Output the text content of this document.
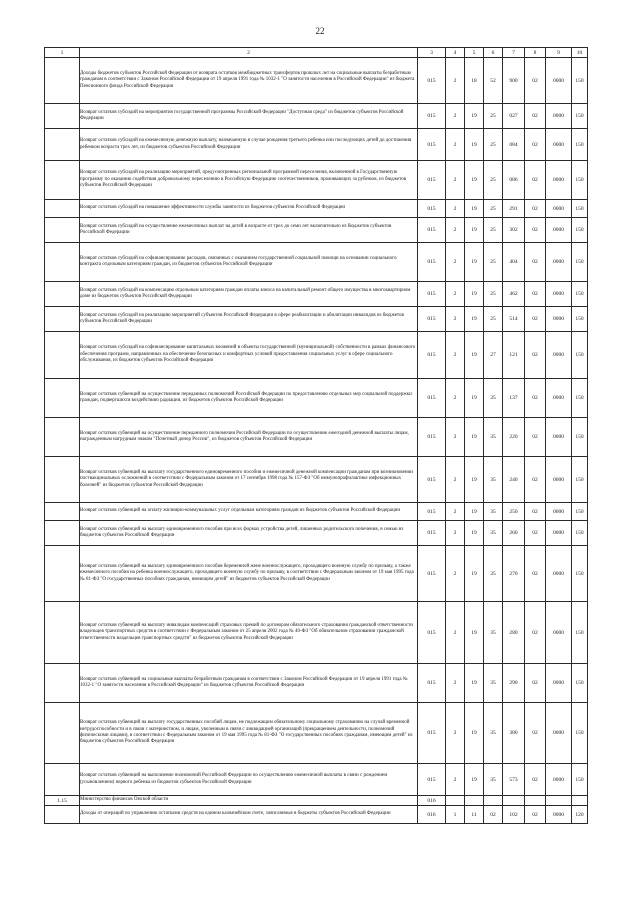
22
1	2	3	4	5	6	7	8	9	10
	Доходы бюджетов субъектов Российской Федерации от возврата остатков межбюджетных трансфертов прошлых лет на социальные выплаты безработным гражданам в соответствии с Законом Российской Федерации от 19 апреля 1991 года № 1032-1 "О занятости населения в Российской Федерации" из бюджета Пенсионного фонда Российской Федерации	015	2	18	52	900	02	0000	150
	Возврат остатков субсидий на мероприятия государственной программы Российской Федерации "Доступная среда" из бюджетов субъектов Российской Федерации	015	2	19	25	027	02	0000	150
	Возврат остатков субсидий на ежемесячную денежную выплату, назначаемую в случае рождения третьего ребенка или последующих детей до достижения ребенком возраста трех лет, из бюджетов субъектов Российской Федерации	015	2	19	25	084	02	0000	150
	Возврат остатков субсидий на реализацию мероприятий, предусмотренных региональной программой переселения, включенной в Государственную программу по оказанию содействия добровольному переселению в Российскую Федерацию соотечественников, проживающих за рубежом, из бюджетов субъектов Российской Федерации	015	2	19	25	086	02	0000	150
	Возврат остатков субсидий на повышение эффективности службы занятости из бюджетов субъектов Российской Федерации	015	2	19	25	291	02	0000	150
	Возврат остатков субсидий на осуществление ежемесячных выплат на детей в возрасте от трех до семи лет включительно из бюджетов субъектов Российской Федерации	015	2	19	25	302	02	0000	150
	Возврат остатков субсидий на софинансирование расходов, связанных с оказанием государственной социальной помощи на основании социального контракта отдельным категориям граждан, из бюджетов субъектов Российской Федерации	015	2	19	25	404	02	0000	150
	Возврат остатков субсидий на компенсацию отдельным категориям граждан оплаты взноса на капитальный ремонт общего имущества в многоквартирном доме из бюджетов субъектов Российской Федерации	015	2	19	25	462	02	0000	150
	Возврат остатков субсидий на реализацию мероприятий субъектов Российской Федерации в сфере реабилитации и абилитации инвалидов из бюджетов субъектов Российской Федерации	015	2	19	25	514	02	0000	150
	Возврат остатков субсидий на софинансирование капитальных вложений в объекты государственной (муниципальной) собственности в рамках финансового обеспечения программ, направленных на обеспечение безопасных и комфортных условий предоставления социальных услуг в сфере социального обслуживания, из бюджетов субъектов Российской Федерации	015	2	19	27	121	02	0000	150
	Возврат остатков субвенций на осуществление переданных полномочий Российской Федерации по предоставлению отдельных мер социальной поддержки граждан, подвергшихся воздействию радиации, из бюджетов субъектов Российской Федерации	015	2	19	35	137	02	0000	150
	Возврат остатков субвенций на осуществление переданного полномочия Российской Федерации по осуществлению ежегодной денежной выплаты лицам, награжденным нагрудным знаком "Почетный донор России", из бюджетов субъектов Российской Федерации	015	2	19	35	220	02	0000	150
	Возврат остатков субвенций на выплату государственного единовременного пособия и ежемесячной денежной компенсации гражданам при возникновении поствакцинальных осложнений в соответствии с Федеральным законом от 17 сентября 1998 года № 157-ФЗ "Об иммунопрофилактике инфекционных болезней" из бюджетов субъектов Российской Федерации	015	2	19	35	240	02	0000	150
	Возврат остатков субвенций на оплату жилищно-коммунальных услуг отдельным категориям граждан из бюджетов субъектов Российской Федерации	015	2	19	35	250	02	0000	150
	Возврат остатков субвенций на выплату единовременного пособия при всех формах устройства детей, лишенных родительского попечения, в семью из бюджетов субъектов Российской Федерации	015	2	19	35	260	02	0000	150
	Возврат остатков субвенций на выплату единовременного пособия беременной жене военнослужащего, проходящего военную службу по призыву, а также ежемесячного пособия на ребенка военнослужащего, проходящего военную службу по призыву, в соответствии с Федеральным законом от 19 мая 1995 года № 81-ФЗ "О государственных пособиях гражданам, имеющим детей" из бюджетов субъектов Российской Федерации	015	2	19	35	270	02	0000	150
	Возврат остатков субвенций на выплату инвалидам компенсаций страховых премий по договорам обязательного страхования гражданской ответственности владельцев транспортных средств в соответствии с Федеральным законом от 25 апреля 2002 года № 40-ФЗ "Об обязательном страховании гражданской ответственности владельцев транспортных средств" из бюджетов субъектов Российской Федерации	015	2	19	35	280	02	0000	150
	Возврат остатков субвенций на социальные выплаты безработным гражданам в соответствии с Законом Российской Федерации от 19 апреля 1991 года № 1032-1 "О занятости населения в Российской Федерации" из бюджетов субъектов Российской Федерации	015	2	19	35	290	02	0000	150
	Возврат остатков субвенций на выплату государственных пособий лицам, не подлежащим обязательному социальному страхованию на случай временной нетрудоспособности и в связи с материнством, и лицам, уволенным в связи с ликвидацией организаций (прекращением деятельности, полномочий физическими лицами), в соответствии с Федеральным законом от 19 мая 1995 года № 81-ФЗ "О государственных пособиях гражданам, имеющим детей" из бюджетов субъектов Российской Федерации	015	2	19	35	380	02	0000	150
	Возврат остатков субвенций на выполнение полномочий Российской Федерации по осуществлению ежемесячной выплаты в связи с рождением (усыновлением) первого ребенка из бюджетов субъектов Российской Федерации	015	2	19	35	573	02	0000	150
1.15	Министерство финансов Омской области	016							
	Доходы от операций по управлению остатками средств на едином казначейском счете, зачисляемые в бюджеты субъектов Российской Федерации	016	1	11	02	102	02	0000	120
